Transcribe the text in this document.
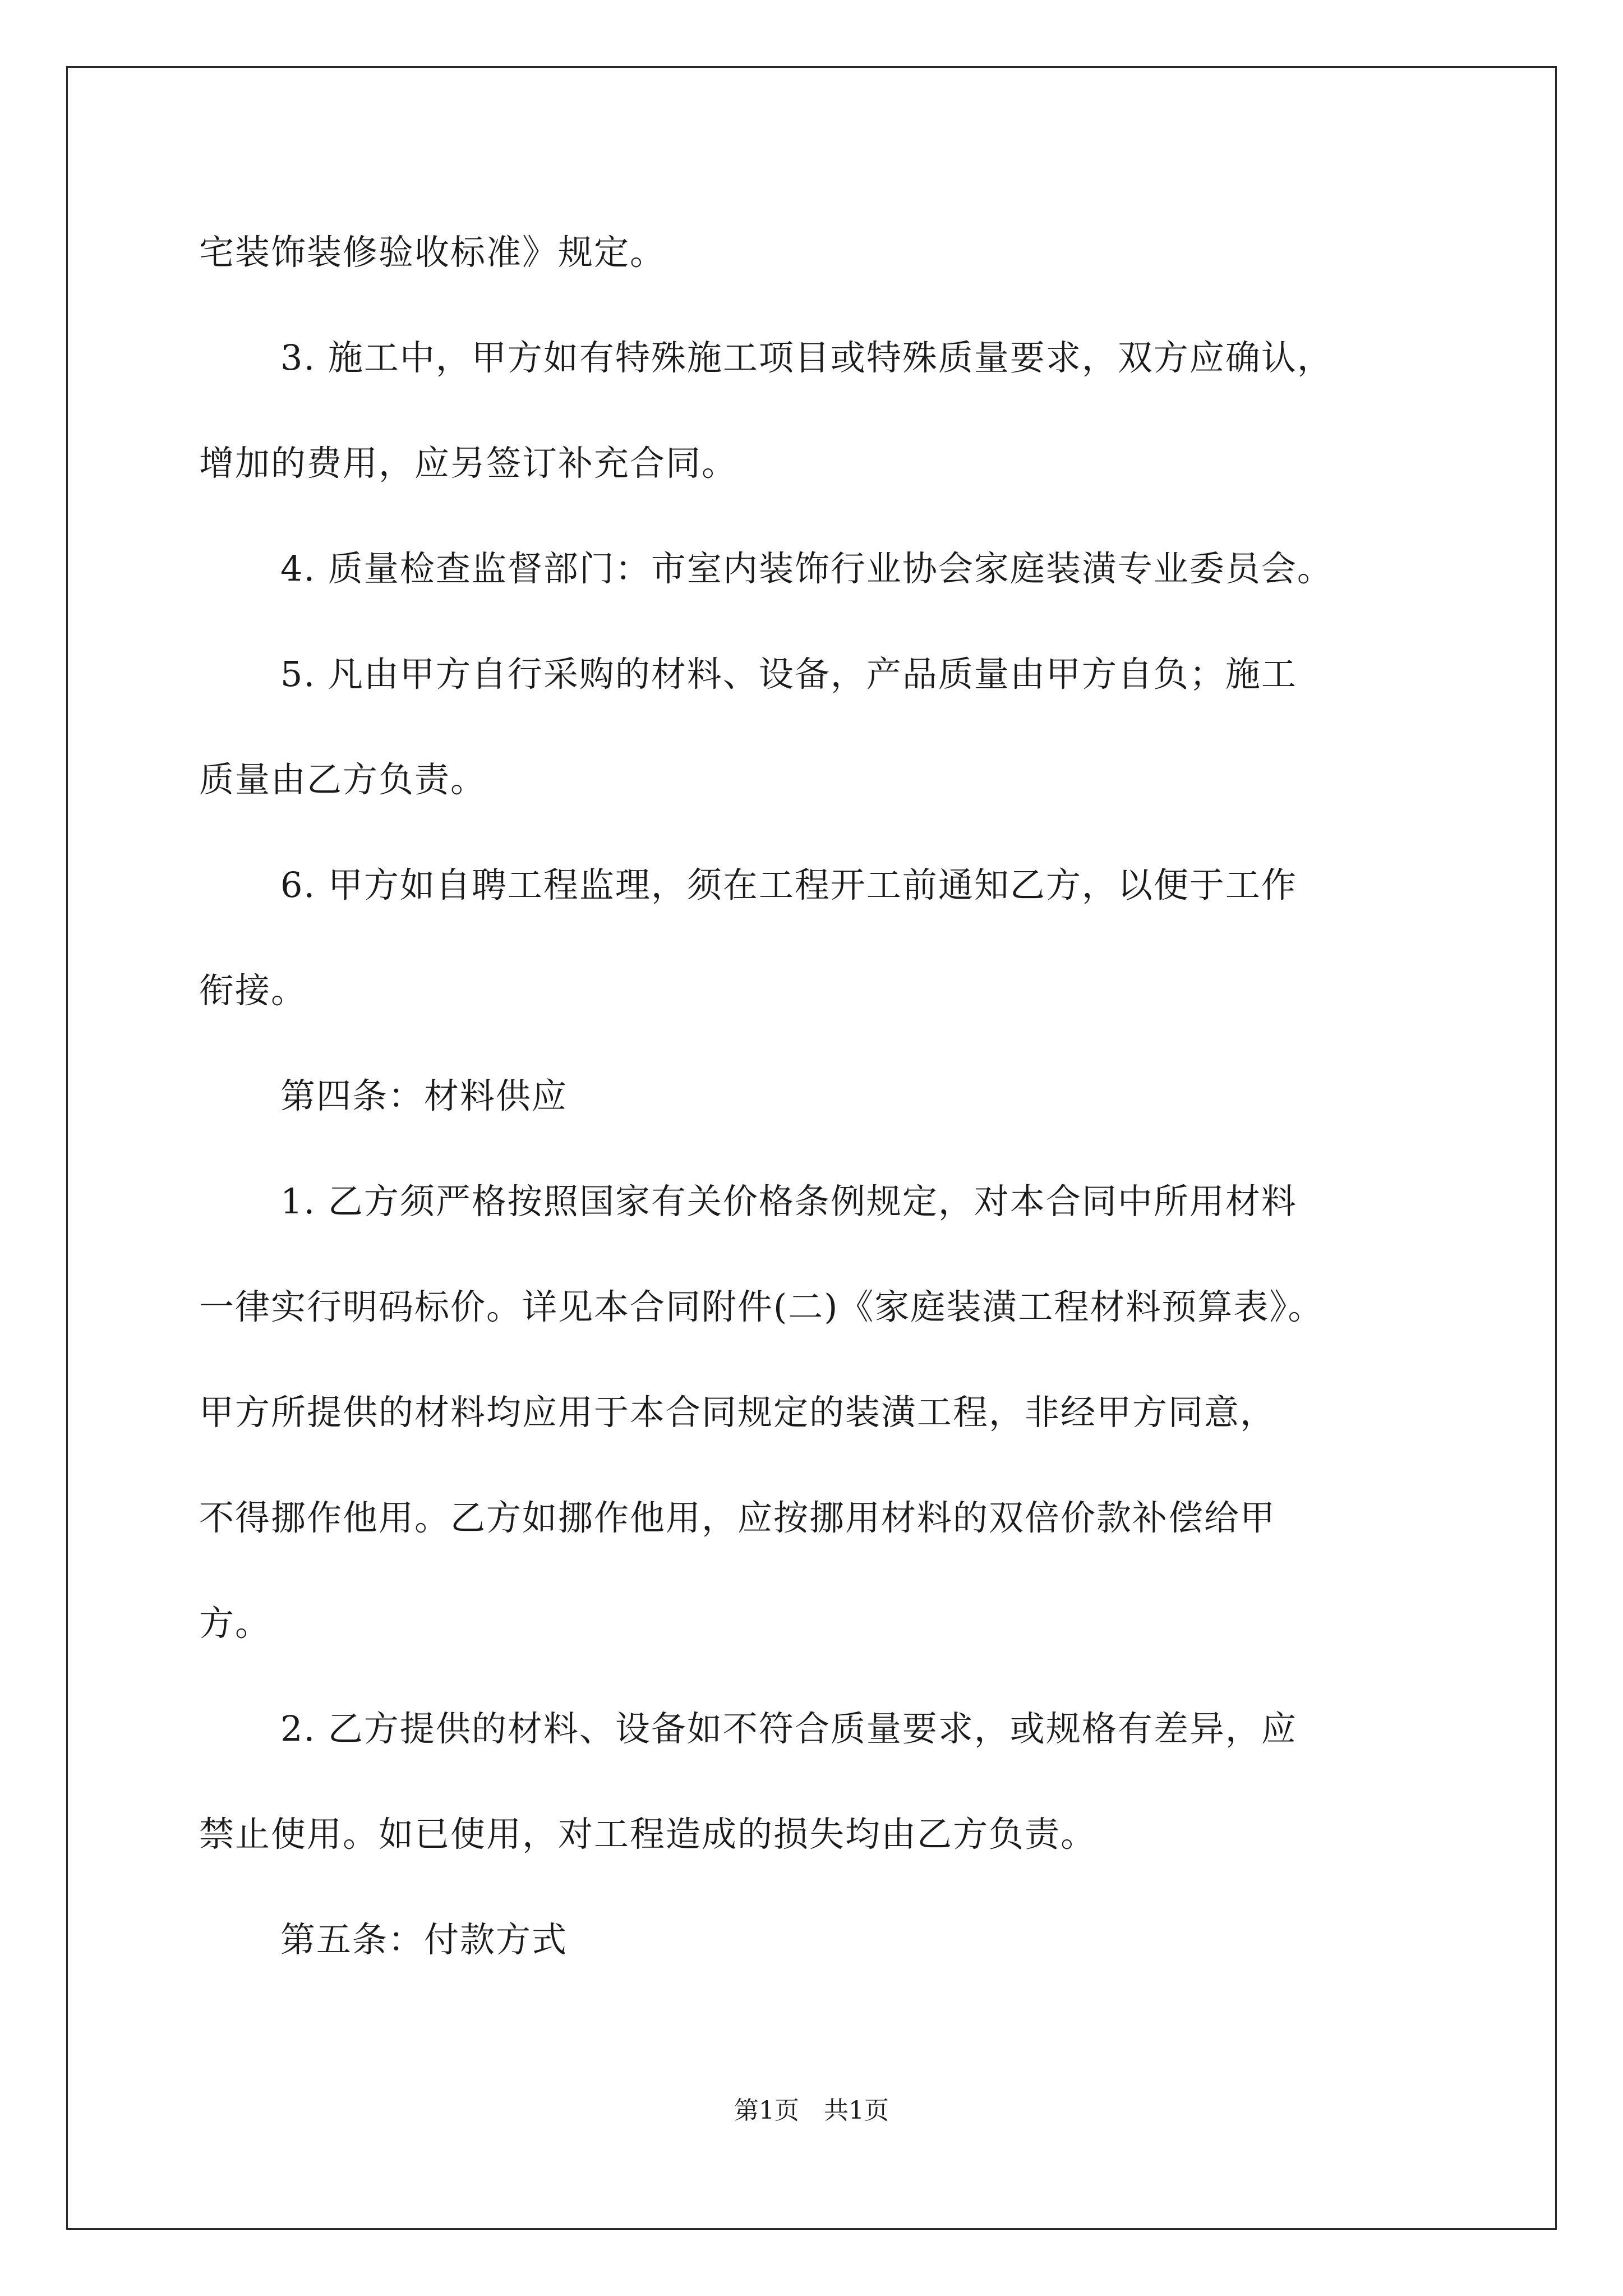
宅装饰装修验收标准》规定。
3. 施工中，甲方如有特殊施工项目或特殊质量要求，双方应确认，
增加的费用，应另签订补充合同。
4. 质量检查监督部门：市室内装饰行业协会家庭装潢专业委员会。
5. 凡由甲方自行采购的材料、设备，产品质量由甲方自负；施工
质量由乙方负责。
6. 甲方如自聘工程监理，须在工程开工前通知乙方，以便于工作
衔接。
第四条：材料供应
1. 乙方须严格按照国家有关价格条例规定，对本合同中所用材料
一律实行明码标价。详见本合同附件(二)《家庭装潢工程材料预算表》。
甲方所提供的材料均应用于本合同规定的装潢工程，非经甲方同意，
不得挪作他用。乙方如挪作他用，应按挪用材料的双倍价款补偿给甲
方。
2. 乙方提供的材料、设备如不符合质量要求，或规格有差异，应
禁止使用。如已使用，对工程造成的损失均由乙方负责。
第五条：付款方式
第1页　共1页
